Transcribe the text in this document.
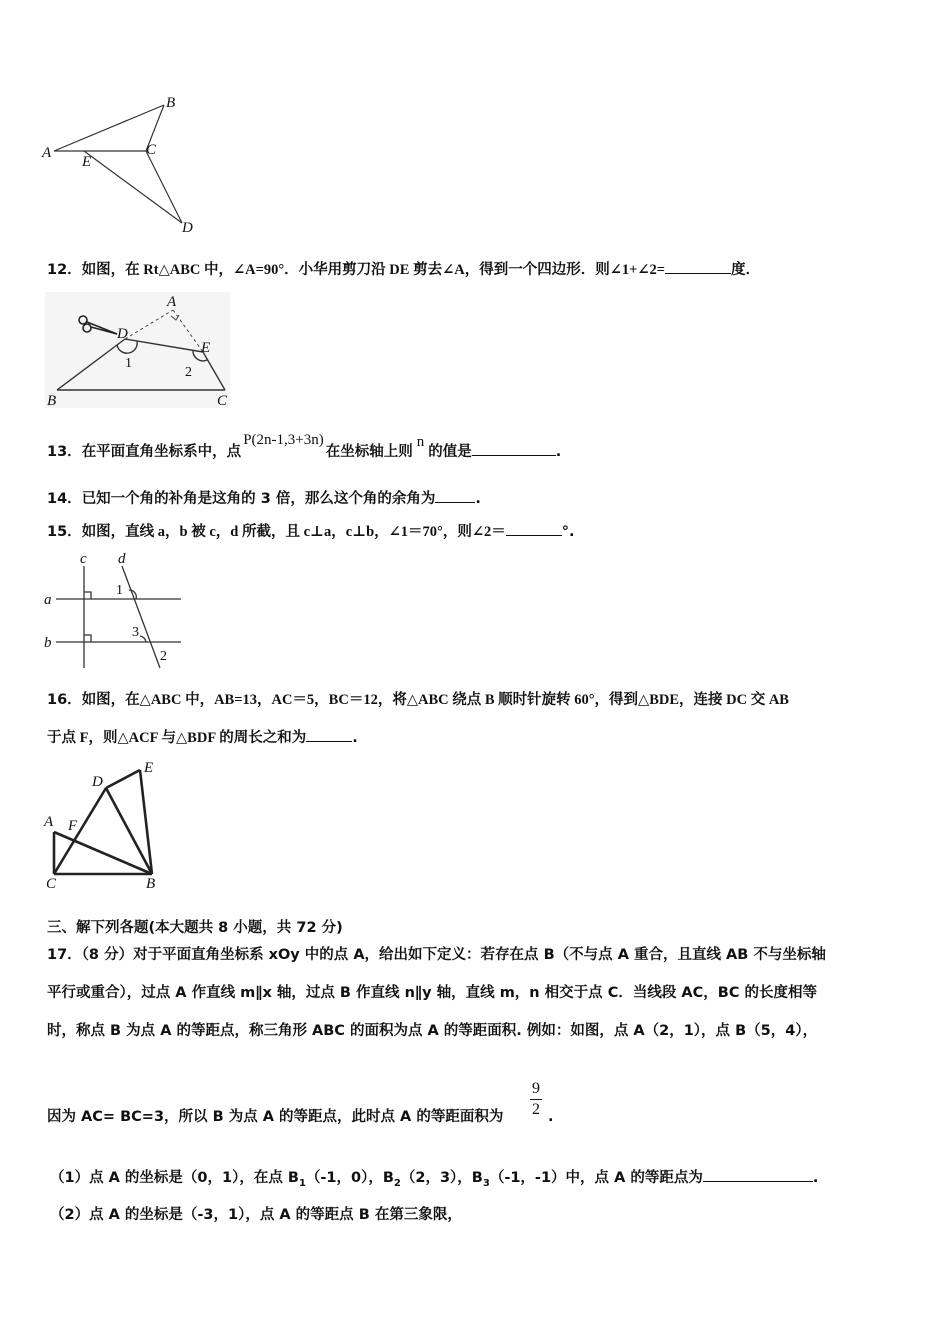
A
B
C
D
E
12．如图，在 Rt△ABC 中，∠A=90°．小华用剪刀沿 DE 剪去∠A，得到一个四边形．则∠1+∠2=	度．
A
D
E
B	C
1
2
13．在平面直角坐标系中，点P(2n-1,3+3n)在坐标轴上则n的值是	.
14．已知一个角的补角是这角的 3 倍，那么这个角的余角为	.
15．如图，直线 a，b 被 c，d 所截，且 c⊥a，c⊥b，∠1＝70°，则∠2＝	°.
c d
a
b
1
3
2
16．如图，在△ABC 中，AB=13，AC＝5，BC＝12，将△ABC 绕点 B 顺时针旋转 60°，得到△BDE，连接 DC 交 AB
于点 F，则△ACF 与△BDF 的周长之和为	.
A F
D
E
C	B
三、解下列各题(本大题共 8 小题，共 72 分)
17．（8 分）对于平面直角坐标系 xOy 中的点 A，给出如下定义：若存在点 B（不与点 A 重合，且直线 AB 不与坐标轴
平行或重合），过点 A 作直线 m∥x 轴，过点 B 作直线 n∥y 轴，直线 m，n 相交于点 C．当线段 AC，BC 的长度相等
时，称点 B 为点 A 的等距点，称三角形 ABC 的面积为点 A 的等距面积. 例如：如图，点 A（2，1），点 B（5，4），
因为 AC= BC=3，所以 B 为点 A 的等距点，此时点 A 的等距面积为
9
2 .
（1）点 A 的坐标是（0，1），在点 $B_1(-1$，0），$B_2(2$，3），$B_3(-1$，-1）中，点 A 的等距点为	.
（2）点 A 的坐标是（-3，1），点 A 的等距点 B 在第三象限，
